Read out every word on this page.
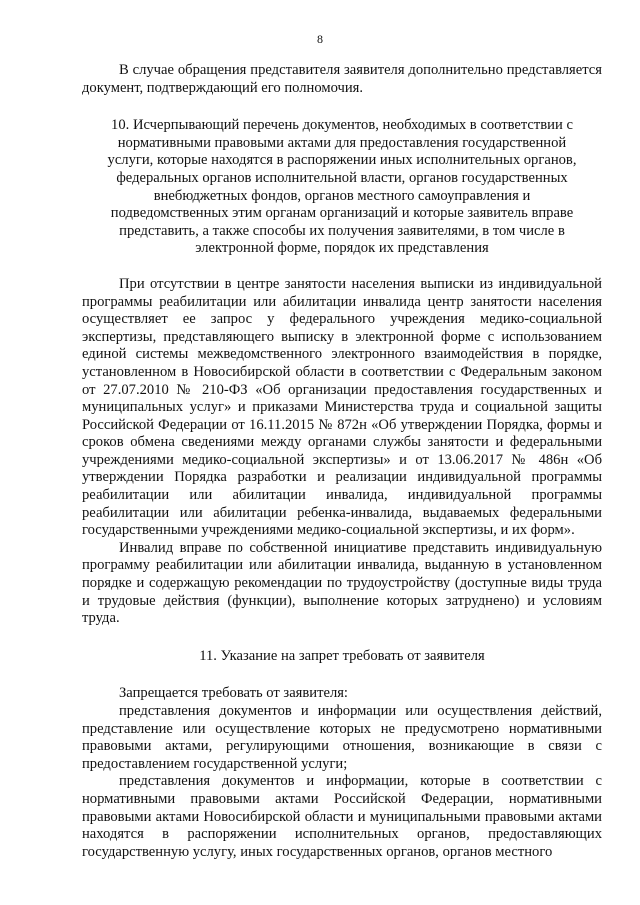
8

В случае обращения представителя заявителя дополнительно представляется документ, подтверждающий его полномочия.

10. Исчерпывающий перечень документов, необходимых в соответствии с нормативными правовыми актами для предоставления государственной услуги, которые находятся в распоряжении иных исполнительных органов, федеральных органов исполнительной власти, органов государственных внебюджетных фондов, органов местного самоуправления и подведомственных этим органам организаций и которые заявитель вправе представить, а также способы их получения заявителями, в том числе в электронной форме, порядок их представления

При отсутствии в центре занятости населения выписки из индивидуальной программы реабилитации или абилитации инвалида центр занятости населения осуществляет ее запрос у федерального учреждения медико-социальной экспертизы, представляющего выписку в электронной форме с использованием единой системы межведомственного электронного взаимодействия в порядке, установленном в Новосибирской области в соответствии с Федеральным законом от 27.07.2010 № 210-ФЗ «Об организации предоставления государственных и муниципальных услуг» и приказами Министерства труда и социальной защиты Российской Федерации от 16.11.2015 № 872н «Об утверждении Порядка, формы и сроков обмена сведениями между органами службы занятости и федеральными учреждениями медико-социальной экспертизы» и от 13.06.2017 № 486н «Об утверждении Порядка разработки и реализации индивидуальной программы реабилитации или абилитации инвалида, индивидуальной программы реабилитации или абилитации ребенка-инвалида, выдаваемых федеральными государственными учреждениями медико-социальной экспертизы, и их форм».

Инвалид вправе по собственной инициативе представить индивидуальную программу реабилитации или абилитации инвалида, выданную в установленном порядке и содержащую рекомендации по трудоустройству (доступные виды труда и трудовые действия (функции), выполнение которых затруднено) и условиям труда.

11. Указание на запрет требовать от заявителя

Запрещается требовать от заявителя:

представления документов и информации или осуществления действий, представление или осуществление которых не предусмотрено нормативными правовыми актами, регулирующими отношения, возникающие в связи с предоставлением государственной услуги;

представления документов и информации, которые в соответствии с нормативными правовыми актами Российской Федерации, нормативными правовыми актами Новосибирской области и муниципальными правовыми актами находятся в распоряжении исполнительных органов, предоставляющих государственную услугу, иных государственных органов, органов местного
